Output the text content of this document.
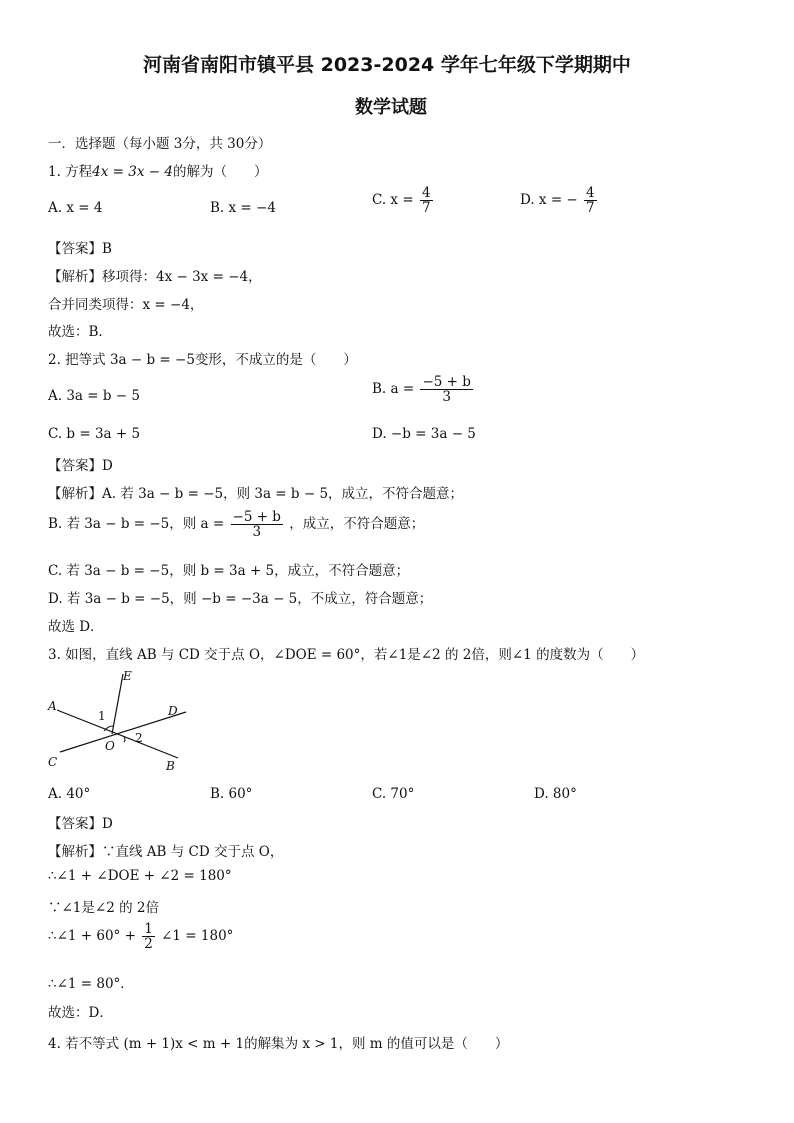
河南省南阳市镇平县 2023-2024 学年七年级下学期期中
数学试题
一．选择题（每小题 3分，共 30分）
1. 方程4x = 3x − 4的解为（　　）
A. x = 4	B. x = −4	C. $x = \frac{4}{7}$	D. x = − $\frac{4}{7}$
【答案】B
【解析】移项得：4x − 3x = −4，
合并同类项得：x = −4，
故选：B．
2. 把等式 3a − b = −5变形，不成立的是（　　）
A. 3a = b − 5	B. $a = \frac{-5 + b}{3}$
C. b = 3a + 5	D. −b = 3a − 5
【答案】D
【解析】A. 若 3a − b = −5，则 3a = b − 5，成立，不符合题意；
B. 若 3a − b = −5，则 $a = \frac{-5 + b}{3}$ ，成立，不符合题意；
C. 若 3a − b = −5，则 b = 3a + 5，成立，不符合题意；
D. 若 3a − b = −5，则 −b = −3a − 5，不成立，符合题意；
故选 D．
3. 如图，直线 AB 与 CD 交于点 O，∠DOE = 60°，若∠1是∠2 的 2倍，则∠1 的度数为（　　）
A
B
C
D
E
O
1
2
A. 40°	B. 60°	C. 70°	D. 80°
【答案】D
【解析】∵直线 AB 与 CD 交于点 O，
∴∠1 + ∠DOE + ∠2 = 180°
∵∠1是∠2 的 2倍
∴∠1 + $60^\circ + \frac{1}{2}$ ∠1 = 180°
∴∠1 = 80°．
故选：D．
4. 若不等式 (m + 1)x < m + 1的解集为 x > 1，则 m 的值可以是（　　）
